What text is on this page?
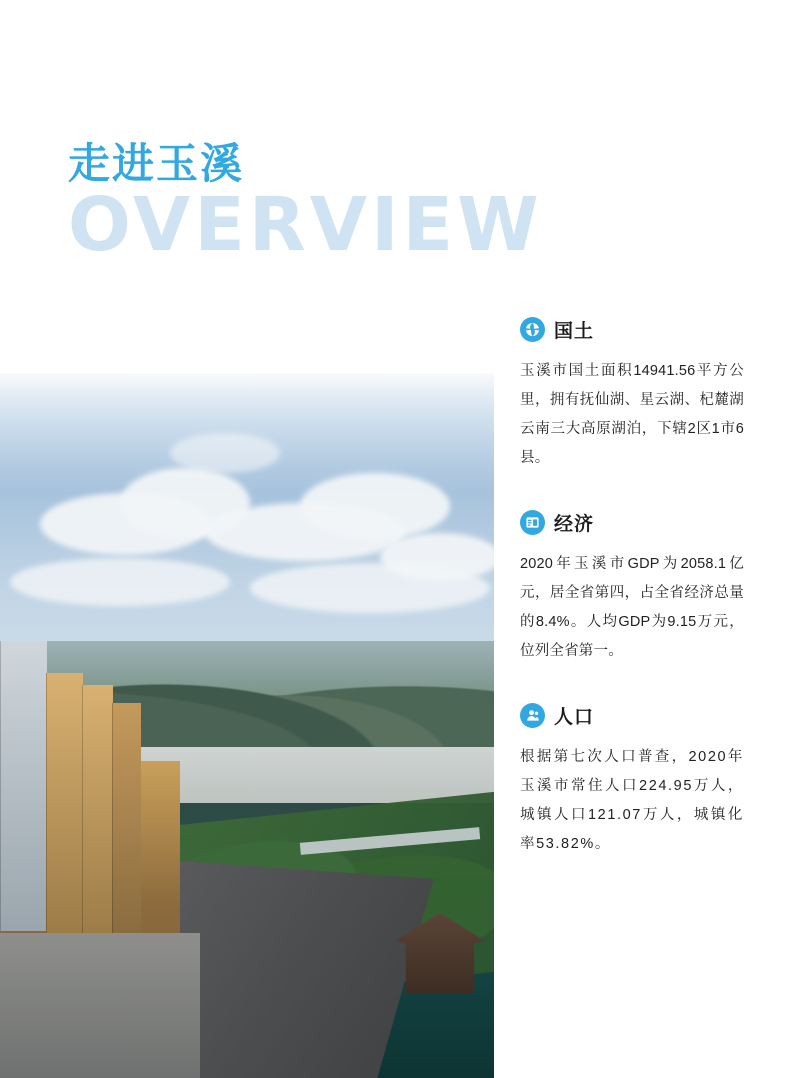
走进玉溪
OVERVIEW
国土
玉溪市国土面积14941.56平方公里，拥有抚仙湖、星云湖、杞麓湖云南三大高原湖泊，下辖2区1市6县。
经济
2020年玉溪市GDP为2058.1亿元，居全省第四，占全省经济总量的8.4%。人均GDP为9.15万元，位列全省第一。
人口
根据第七次人口普查，2020年玉溪市常住人口224.95万人，城镇人口121.07万人，城镇化率53.82%。
